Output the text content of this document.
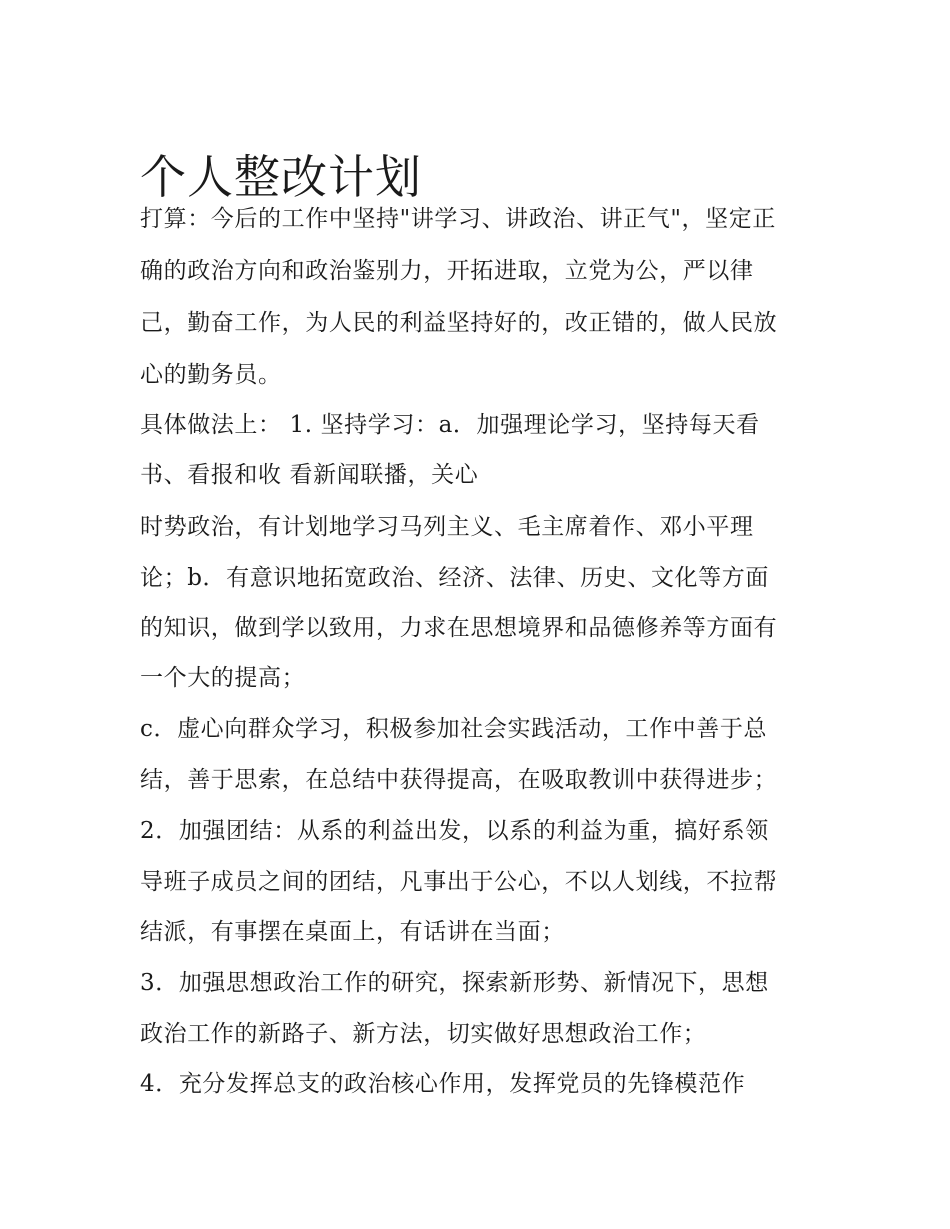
个人整改计划
打算：今后的工作中坚持"讲学习、讲政治、讲正气"，坚定正
确的政治方向和政治鉴别力，开拓进取，立党为公，严以律
己，勤奋工作，为人民的利益坚持好的，改正错的，做人民放
心的勤务员。
具体做法上： 1. 坚持学习：a．加强理论学习，坚持每天看
书、看报和收 看新闻联播，关心
时势政治，有计划地学习马列主义、毛主席着作、邓小平理
论；b．有意识地拓宽政治、经济、法律、历史、文化等方面
的知识，做到学以致用，力求在思想境界和品德修养等方面有
一个大的提高；
c．虚心向群众学习，积极参加社会实践活动，工作中善于总
结，善于思索，在总结中获得提高，在吸取教训中获得进步；
2．加强团结：从系的利益出发，以系的利益为重，搞好系领
导班子成员之间的团结，凡事出于公心，不以人划线，不拉帮
结派，有事摆在桌面上，有话讲在当面；
3．加强思想政治工作的研究，探索新形势、新情况下，思想
政治工作的新路子、新方法，切实做好思想政治工作；
4．充分发挥总支的政治核心作用，发挥党员的先锋模范作
